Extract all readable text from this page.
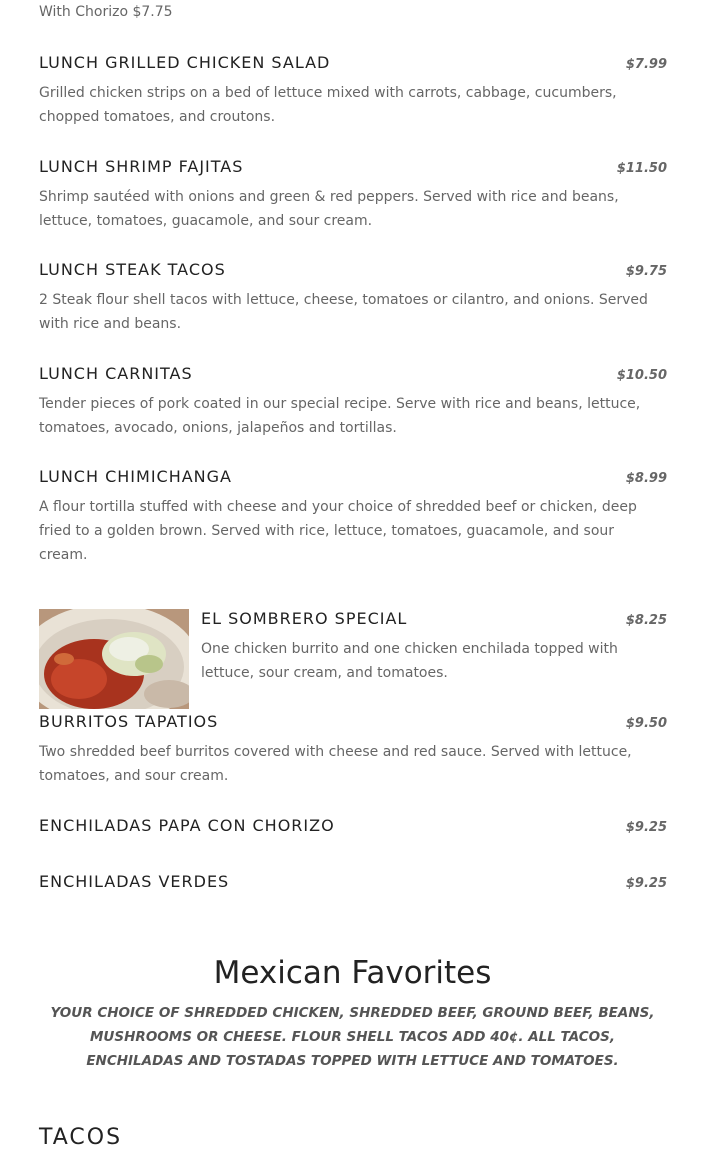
With Chorizo $7.75
LUNCH GRILLED CHICKEN SALAD	$7.99
Grilled chicken strips on a bed of lettuce mixed with carrots, cabbage, cucumbers, chopped tomatoes, and croutons.
LUNCH SHRIMP FAJITAS	$11.50
Shrimp sautéed with onions and green & red peppers. Served with rice and beans, lettuce, tomatoes, guacamole, and sour cream.
LUNCH STEAK TACOS	$9.75
2 Steak flour shell tacos with lettuce, cheese, tomatoes or cilantro, and onions. Served with rice and beans.
LUNCH CARNITAS	$10.50
Tender pieces of pork coated in our special recipe. Serve with rice and beans, lettuce, tomatoes, avocado, onions, jalapeños and tortillas.
LUNCH CHIMICHANGA	$8.99
A flour tortilla stuffed with cheese and your choice of shredded beef or chicken, deep fried to a golden brown. Served with rice, lettuce, tomatoes, guacamole, and sour cream.
EL SOMBRERO SPECIAL	$8.25
One chicken burrito and one chicken enchilada topped with lettuce, sour cream, and tomatoes.
BURRITOS TAPATIOS	$9.50
Two shredded beef burritos covered with cheese and red sauce. Served with lettuce, tomatoes, and sour cream.
ENCHILADAS PAPA CON CHORIZO	$9.25
ENCHILADAS VERDES	$9.25
Mexican Favorites
YOUR CHOICE OF SHREDDED CHICKEN, SHREDDED BEEF, GROUND BEEF, BEANS, MUSHROOMS OR CHEESE. FLOUR SHELL TACOS ADD 40¢. ALL TACOS, ENCHILADAS AND TOSTADAS TOPPED WITH LETTUCE AND TOMATOES.
TACOS
